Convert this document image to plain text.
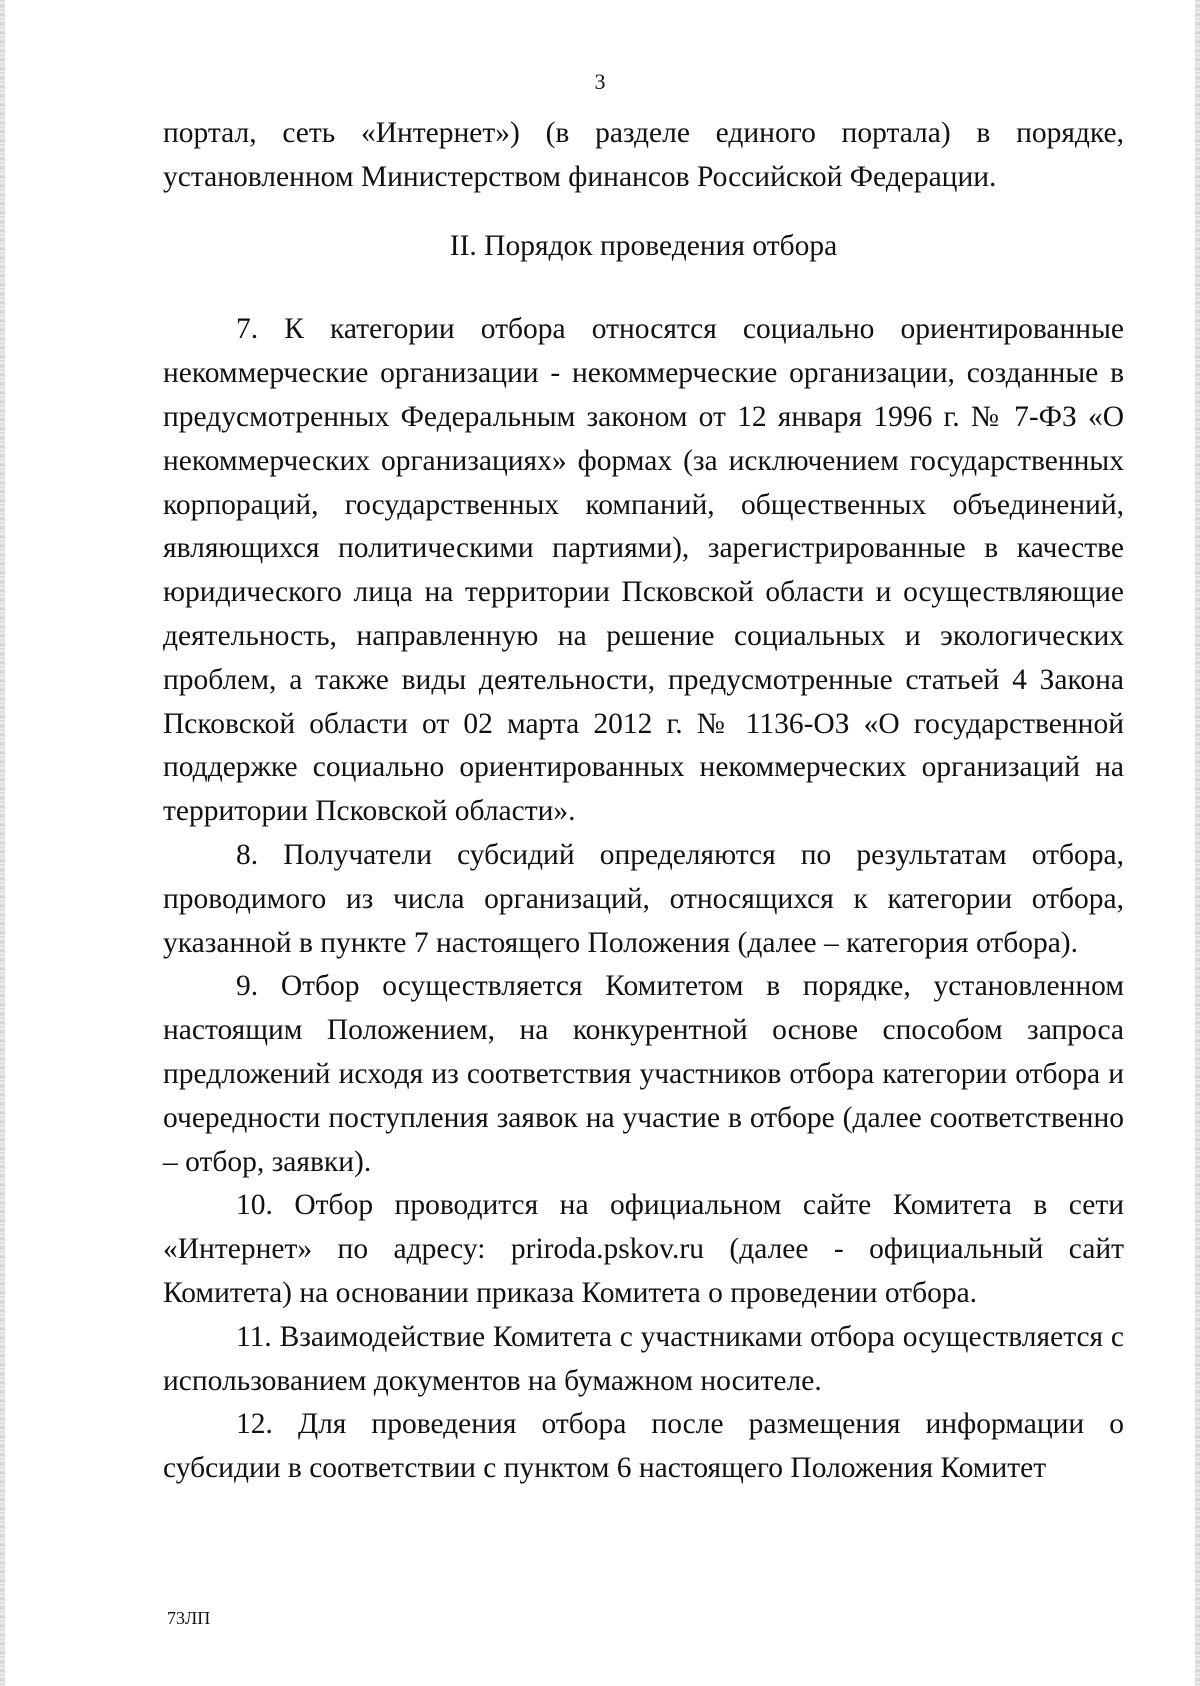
3

портал, сеть «Интернет») (в разделе единого портала) в порядке, установленном Министерством финансов Российской Федерации.

II. Порядок проведения отбора

7. К категории отбора относятся социально ориентированные некоммерческие организации - некоммерческие организации, созданные в предусмотренных Федеральным законом от 12 января 1996 г. № 7-ФЗ «О некоммерческих организациях» формах (за исключением государственных корпораций, государственных компаний, общественных объединений, являющихся политическими партиями), зарегистрированные в качестве юридического лица на территории Псковской области и осуществляющие деятельность, направленную на решение социальных и экологических проблем, а также виды деятельности, предусмотренные статьей 4 Закона Псковской области от 02 марта 2012 г. № 1136-ОЗ «О государственной поддержке социально ориентированных некоммерческих организаций на территории Псковской области».

8. Получатели субсидий определяются по результатам отбора, проводимого из числа организаций, относящихся к категории отбора, указанной в пункте 7 настоящего Положения (далее – категория отбора).

9. Отбор осуществляется Комитетом в порядке, установленном настоящим Положением, на конкурентной основе способом запроса предложений исходя из соответствия участников отбора категории отбора и очередности поступления заявок на участие в отборе (далее соответственно – отбор, заявки).

10. Отбор проводится на официальном сайте Комитета в сети «Интернет» по адресу: priroda.pskov.ru (далее - официальный сайт Комитета) на основании приказа Комитета о проведении отбора.

11. Взаимодействие Комитета с участниками отбора осуществляется с использованием документов на бумажном носителе.

12. Для проведения отбора после размещения информации о субсидии в соответствии с пунктом 6 настоящего Положения Комитет

73ЛП
